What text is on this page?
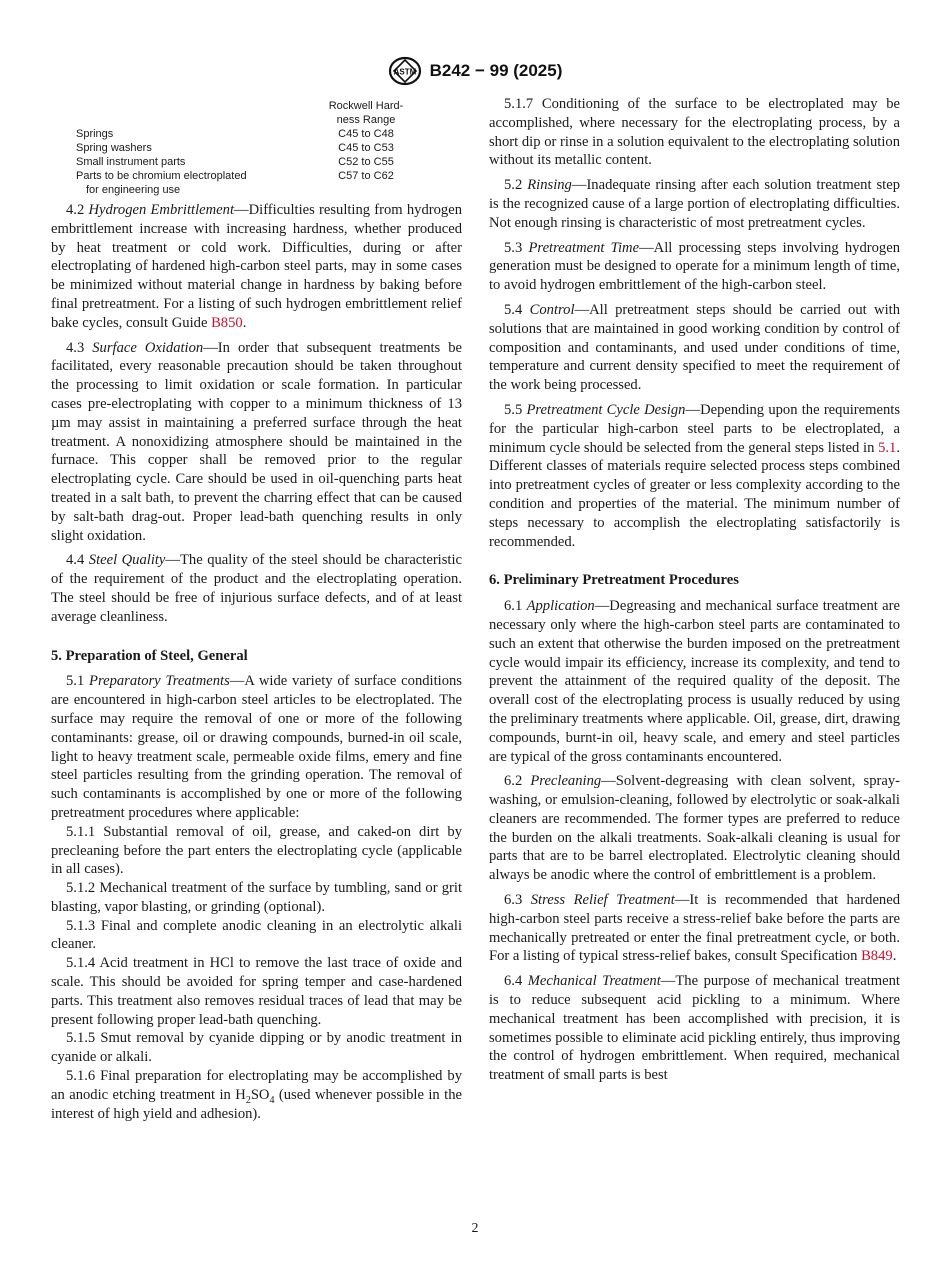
ASTM B242 − 99 (2025)
	Rockwell Hard-
ness Range
Springs	C45 to C48
Spring washers	C45 to C53
Small instrument parts	C52 to C55
Parts to be chromium electroplated
for engineering use	C57 to C62

4.2 Hydrogen Embrittlement—Difficulties resulting from hydrogen embrittlement increase with increasing hardness, whether produced by heat treatment or cold work. Difficulties, during or after electroplating of hardened high-carbon steel parts, may in some cases be minimized without material change in hardness by baking before final pretreatment. For a listing of such hydrogen embrittlement relief bake cycles, consult Guide B850.

4.3 Surface Oxidation—In order that subsequent treatments be facilitated, every reasonable precaution should be taken throughout the processing to limit oxidation or scale formation. In particular cases pre-electroplating with copper to a minimum thickness of 13 µm may assist in maintaining a preferred surface through the heat treatment. A nonoxidizing atmosphere should be maintained in the furnace. This copper shall be removed prior to the regular electroplating cycle. Care should be used in oil-quenching parts heat treated in a salt bath, to prevent the charring effect that can be caused by salt-bath drag-out. Proper lead-bath quenching results in only slight oxidation.

4.4 Steel Quality—The quality of the steel should be characteristic of the requirement of the product and the electroplating operation. The steel should be free of injurious surface defects, and of at least average cleanliness.

5. Preparation of Steel, General

5.1 Preparatory Treatments—A wide variety of surface conditions are encountered in high-carbon steel articles to be electroplated. The surface may require the removal of one or more of the following contaminants: grease, oil or drawing compounds, burned-in oil scale, light to heavy treatment scale, permeable oxide films, emery and fine steel particles resulting from the grinding operation. The removal of such contaminants is accomplished by one or more of the following pretreatment procedures where applicable:

5.1.1 Substantial removal of oil, grease, and caked-on dirt by precleaning before the part enters the electroplating cycle (applicable in all cases).

5.1.2 Mechanical treatment of the surface by tumbling, sand or grit blasting, vapor blasting, or grinding (optional).

5.1.3 Final and complete anodic cleaning in an electrolytic alkali cleaner.

5.1.4 Acid treatment in HCl to remove the last trace of oxide and scale. This should be avoided for spring temper and case-hardened parts. This treatment also removes residual traces of lead that may be present following proper lead-bath quenching.

5.1.5 Smut removal by cyanide dipping or by anodic treatment in cyanide or alkali.

5.1.6 Final preparation for electroplating may be accomplished by an anodic etching treatment in $H_2SO_4$ (used whenever possible in the interest of high yield and adhesion).

5.1.7 Conditioning of the surface to be electroplated may be accomplished, where necessary for the electroplating process, by a short dip or rinse in a solution equivalent to the electroplating solution without its metallic content.

5.2 Rinsing—Inadequate rinsing after each solution treatment step is the recognized cause of a large portion of electroplating difficulties. Not enough rinsing is characteristic of most pretreatment cycles.

5.3 Pretreatment Time—All processing steps involving hydrogen generation must be designed to operate for a minimum length of time, to avoid hydrogen embrittlement of the high-carbon steel.

5.4 Control—All pretreatment steps should be carried out with solutions that are maintained in good working condition by control of composition and contaminants, and used under conditions of time, temperature and current density specified to meet the requirement of the work being processed.

5.5 Pretreatment Cycle Design—Depending upon the requirements for the particular high-carbon steel parts to be electroplated, a minimum cycle should be selected from the general steps listed in 5.1. Different classes of materials require selected process steps combined into pretreatment cycles of greater or less complexity according to the condition and properties of the material. The minimum number of steps necessary to accomplish the electroplating satisfactorily is recommended.

6. Preliminary Pretreatment Procedures

6.1 Application—Degreasing and mechanical surface treatment are necessary only where the high-carbon steel parts are contaminated to such an extent that otherwise the burden imposed on the pretreatment cycle would impair its efficiency, increase its complexity, and tend to prevent the attainment of the required quality of the deposit. The overall cost of the electroplating process is usually reduced by using the preliminary treatments where applicable. Oil, grease, dirt, drawing compounds, burnt-in oil, heavy scale, and emery and steel particles are typical of the gross contaminants encountered.

6.2 Precleaning—Solvent-degreasing with clean solvent, spray-washing, or emulsion-cleaning, followed by electrolytic or soak-alkali cleaners are recommended. The former types are preferred to reduce the burden on the alkali treatments. Soak-alkali cleaning is usual for parts that are to be barrel electroplated. Electrolytic cleaning should always be anodic where the control of embrittlement is a problem.

6.3 Stress Relief Treatment—It is recommended that hardened high-carbon steel parts receive a stress-relief bake before the parts are mechanically pretreated or enter the final pretreatment cycle, or both. For a listing of typical stress-relief bakes, consult Specification B849.

6.4 Mechanical Treatment—The purpose of mechanical treatment is to reduce subsequent acid pickling to a minimum. Where mechanical treatment has been accomplished with precision, it is sometimes possible to eliminate acid pickling entirely, thus improving the control of hydrogen embrittlement. When required, mechanical treatment of small parts is best

2
